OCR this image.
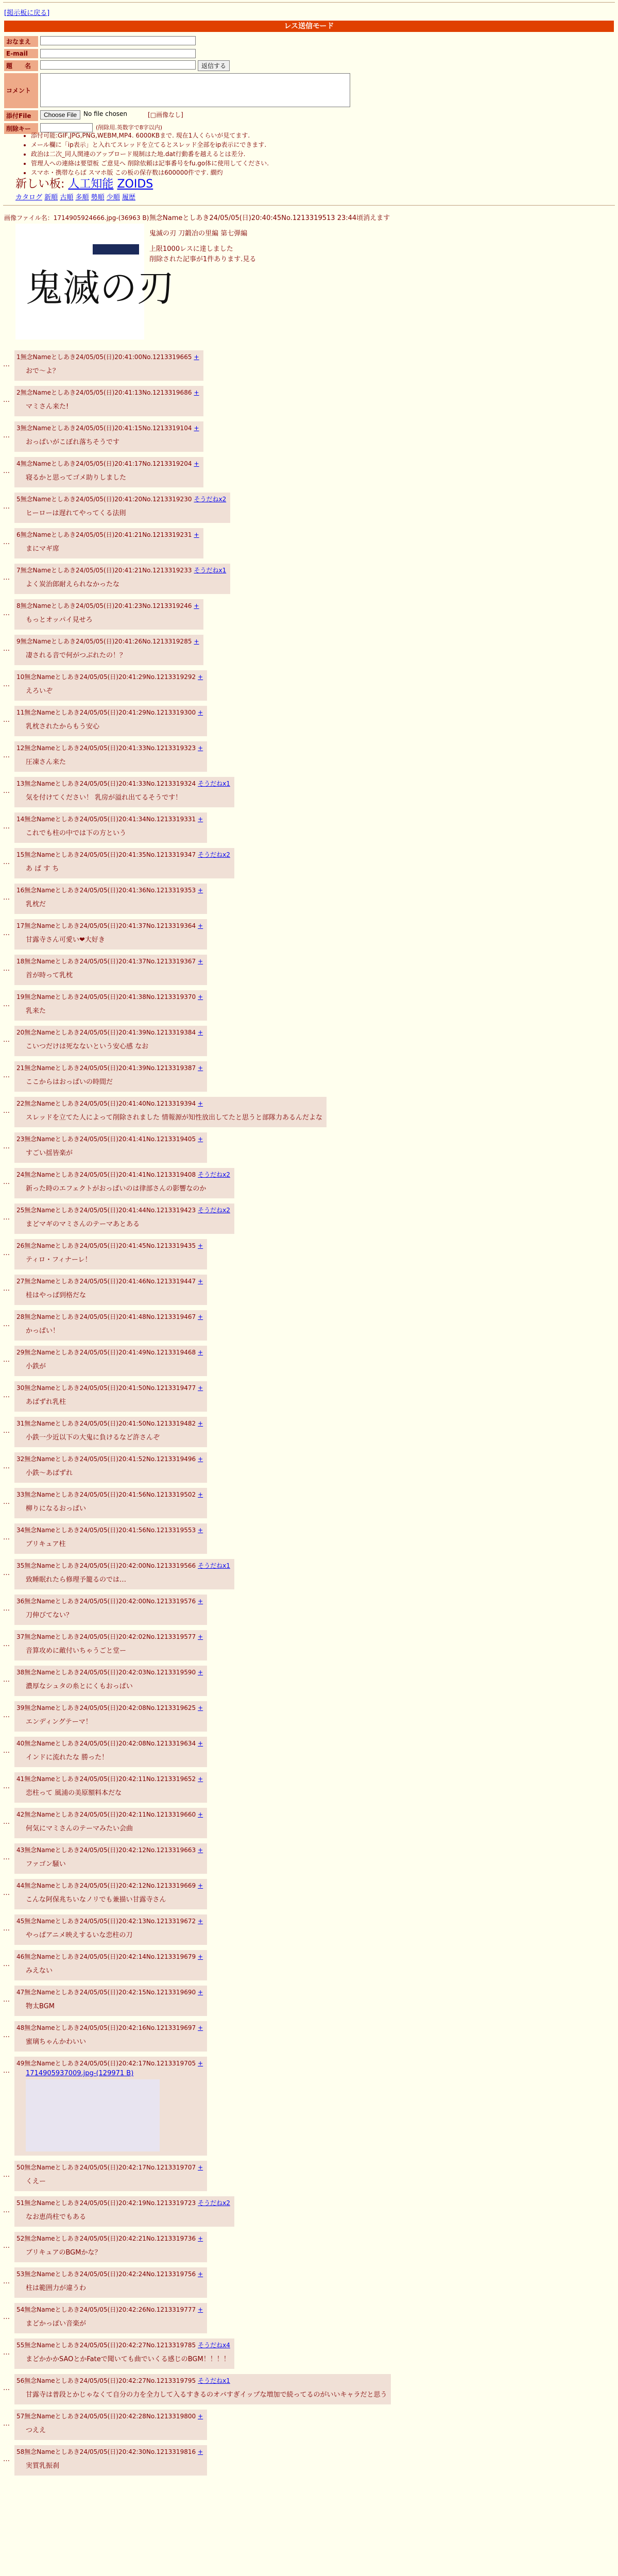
[掲示板に戻る]
レス送信モード
おなまえ
E-mail
題　　名	返信する
コメント
添付File	Choose File	No file chosen	[□画像なし]
削除キー	(削除用.英数字で8字以内)
• 添付可能:GIF,JPG,PNG,WEBM,MP4. 6000KBまで. 現在1人くらいが見てます.
• メール欄に「ip表示」と入れてスレッドを立てるとスレッド全部をip表示にできます.
• 政治は二次_同人関連のアップロード規制はた地.dat行動番を越えるとは差分.
• 管理人への連絡は要望板 ご意見へ 削除依頼は記事番号をfu.go体に使用してください.
• スマホ・携帯ならば スマホ版 この板の保存数は600000件です. 繝灼
新しい板: 人工知能 ZOIDS
カタログ 新順 古順 多順 勢順 少順 履歴
画像ファイル名：1714905924666.jpg-(36963 B)
鬼滅の刃
無念Nameとしあき24/05/05(日)20:40:45No.1213319513 23:44頃消えます
鬼滅の刃 刀鍛冶の里編 第七弾編
上限1000レスに達しました
削除された記事が1件あります.見る
…
1無念Nameとしあき24/05/05(日)20:41:00No.1213319665 +
おで～よ？
…
2無念Nameとしあき24/05/05(日)20:41:13No.1213319686 +
マミさん来た!
…
3無念Nameとしあき24/05/05(日)20:41:15No.1213319104 +
おっぱいがこぼれ落ちそうです
…
4無念Nameとしあき24/05/05(日)20:41:17No.1213319204 +
寝るかと思ってゴメ助りしました
…
5無念Nameとしあき24/05/05(日)20:41:20No.1213319230 そうだねx2
ヒーローは遅れてやってくる法則
…
6無念Nameとしあき24/05/05(日)20:41:21No.1213319231 +
まにマギ席
…
7無念Nameとしあき24/05/05(日)20:41:21No.1213319233 そうだねx1
よく炭治郎耐えられなかったな
…
8無念Nameとしあき24/05/05(日)20:41:23No.1213319246 +
もっとオッパイ見せろ
…
9無念Nameとしあき24/05/05(日)20:41:26No.1213319285 +
凄される音で何がつぶれたの！？
…
10無念Nameとしあき24/05/05(日)20:41:29No.1213319292 +
えろいぞ
…
11無念Nameとしあき24/05/05(日)20:41:29No.1213319300 +
乳枕されたからもう安心
…
12無念Nameとしあき24/05/05(日)20:41:33No.1213319323 +
圧凍さん来た
…
13無念Nameとしあき24/05/05(日)20:41:33No.1213319324 そうだねx1
気を付けてください！ 乳房が溢れ出てるそうです！
…
14無念Nameとしあき24/05/05(日)20:41:34No.1213319331 +
これでも柱の中では下の方という
…
15無念Nameとしあき24/05/05(日)20:41:35No.1213319347 そうだねx2
あ ぱ す ち
…
16無念Nameとしあき24/05/05(日)20:41:36No.1213319353 +
乳枕だ
…
17無念Nameとしあき24/05/05(日)20:41:37No.1213319364 +
甘露寺さん可愛い❤大好き
…
18無念Nameとしあき24/05/05(日)20:41:37No.1213319367 +
首が時って乳枕
…
19無念Nameとしあき24/05/05(日)20:41:38No.1213319370 +
乳来た
…
20無念Nameとしあき24/05/05(日)20:41:39No.1213319384 +
こいつだけは死なないという安心感 なお
…
21無念Nameとしあき24/05/05(日)20:41:39No.1213319387 +
ここからはおっぱいの時間だ
…
22無念Nameとしあき24/05/05(日)20:41:40No.1213319394 +
スレッドを立てた人によって削除されました 情報源が知性放出してたと思うと部隊力あるんだよな
…
23無念Nameとしあき24/05/05(日)20:41:41No.1213319405 +
すごい揺皆楽が
…
24無念Nameとしあき24/05/05(日)20:41:41No.1213319408 そうだねx2
新った時のエフェクトがおっぱいのは律部さんの影響なのか
…
25無念Nameとしあき24/05/05(日)20:41:44No.1213319423 そうだねx2
まどマギのマミさんのテーマあとある
…
26無念Nameとしあき24/05/05(日)20:41:45No.1213319435 +
ティロ・フィナーレ！
…
27無念Nameとしあき24/05/05(日)20:41:46No.1213319447 +
桂はやっぱ到格だな
…
28無念Nameとしあき24/05/05(日)20:41:48No.1213319467 +
かっぱい！
…
29無念Nameとしあき24/05/05(日)20:41:49No.1213319468 +
小鉄が
…
30無念Nameとしあき24/05/05(日)20:41:50No.1213319477 +
あばずれ乳柱
…
31無念Nameとしあき24/05/05(日)20:41:50No.1213319482 +
小鉄一少近以下の大鬼に負けるなど許さんぞ
…
32無念Nameとしあき24/05/05(日)20:41:52No.1213319496 +
小鉄～あばずれ
…
33無念Nameとしあき24/05/05(日)20:41:56No.1213319502 +
柳りになるおっぱい
…
34無念Nameとしあき24/05/05(日)20:41:56No.1213319553 +
ブリキュア柱
…
35無念Nameとしあき24/05/05(日)20:42:00No.1213319566 そうだねx1
致睡眠れたら修理予籠るのでは…
…
36無念Nameとしあき24/05/05(日)20:42:00No.1213319576 +
刀伸びてない？
…
37無念Nameとしあき24/05/05(日)20:42:02No.1213319577 +
音算攻めに敵付いちゃうごと堂ー
…
38無念Nameとしあき24/05/05(日)20:42:03No.1213319590 +
濃厚なシュタの糸とにくもおっぱい
…
39無念Nameとしあき24/05/05(日)20:42:08No.1213319625 +
エンディングテーマ！
…
40無念Nameとしあき24/05/05(日)20:42:08No.1213319634 +
インドに流れたな 勝った！
…
41無念Nameとしあき24/05/05(日)20:42:11No.1213319652 +
恋柱って 風浦の美原額料本だな
…
42無念Nameとしあき24/05/05(日)20:42:11No.1213319660 +
何気にマミさんのテーマみたい会曲
…
43無念Nameとしあき24/05/05(日)20:42:12No.1213319663 +
ファゴン騒い
…
44無念Nameとしあき24/05/05(日)20:42:12No.1213319669 +
こんな阿保兆ちいなノリでも兼描い甘露寺さん
…
45無念Nameとしあき24/05/05(日)20:42:13No.1213319672 +
やっぱアニメ映えするいな恋柱の刀
…
46無念Nameとしあき24/05/05(日)20:42:14No.1213319679 +
みえない
…
47無念Nameとしあき24/05/05(日)20:42:15No.1213319690 +
物太BGM
…
48無念Nameとしあき24/05/05(日)20:42:16No.1213319697 +
蜜璃ちゃんかわいい
…
49無念Nameとしあき24/05/05(日)20:42:17No.1213319705 +
1714905937009.jpg-(129971 B)
…
50無念Nameとしあき24/05/05(日)20:42:17No.1213319707 +
くえー
…
51無念Nameとしあき24/05/05(日)20:42:19No.1213319723 そうだねx2
なお恵尚柱でもある
…
52無念Nameとしあき24/05/05(日)20:42:21No.1213319736 +
ブリキュアのBGMかな？
…
53無念Nameとしあき24/05/05(日)20:42:24No.1213319756 +
柱は範囲力が違うわ
…
54無念Nameとしあき24/05/05(日)20:42:26No.1213319777 +
まどかっぽい音楽が
…
55無念Nameとしあき24/05/05(日)20:42:27No.1213319785 そうだねx4
まどかかかSAOとかFateで聞いても曲でいくる感じのBGM！！！！
…
56無念Nameとしあき24/05/05(日)20:42:27No.1213319795 そうだねx1
甘露寺は普段とかじゃなくて自分の力を全力して入るすきるのオバすぎイップな増加で続ってるのがいいキャラだと思う
…
57無念Nameとしあき24/05/05(日)20:42:28No.1213319800 +
つええ
…
58無念Nameとしあき24/05/05(日)20:42:30No.1213319816 +
実質乳振刹
